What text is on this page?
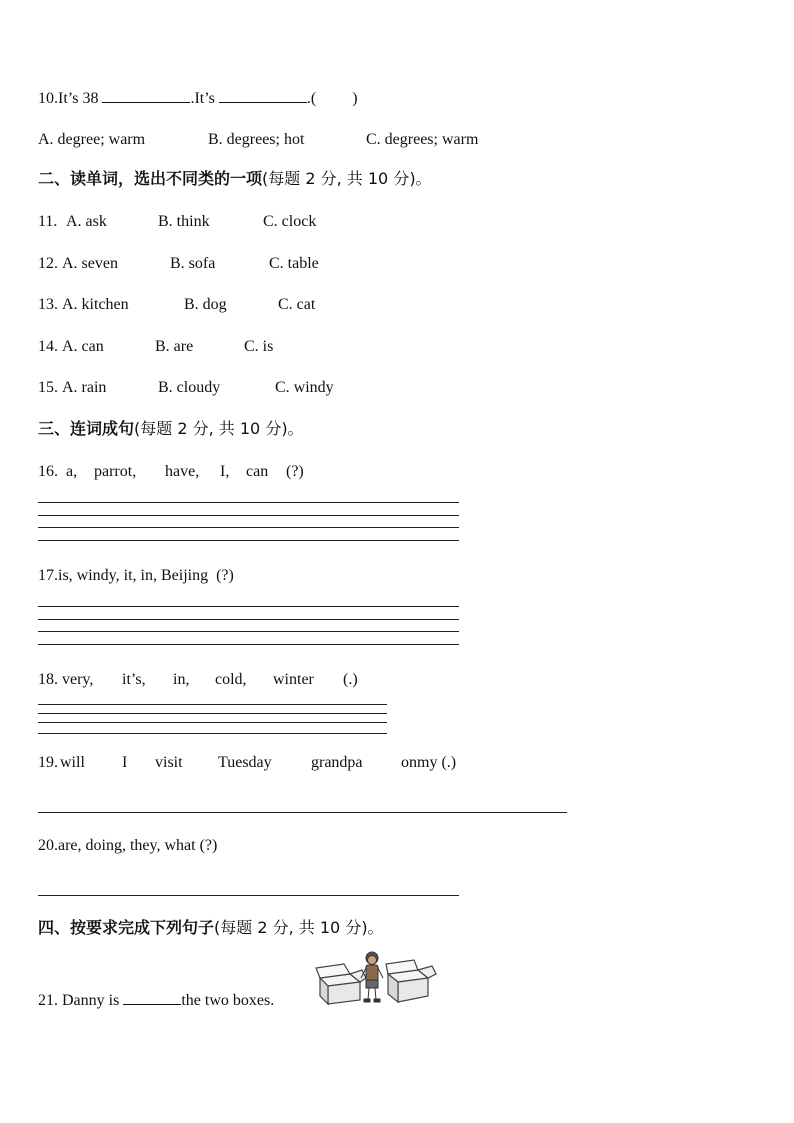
10.It’s 38	.It’s	.( )
A. degree; warm	B. degrees; hot	C. degrees; warm
二、读单词，选出不同类的一项(每题 2 分, 共 10 分)。
11. A. ask	B. think	C. clock
12. A. seven	B. sofa	C. table
13. A. kitchen	B. dog	C. cat
14. A. can	B. are	C. is
15. A. rain	B. cloudy	C. windy
三、连词成句(每题 2 分, 共 10 分)。
16. a, parrot, have, I, can (?)
17.is, windy, it, in, Beijing (?)
18. very, it’s, in, cold, winter (.)
19. will I visit Tuesday grandpa onmy (.)
20.are, doing, they, what (?)
四、按要求完成下列句子(每题 2 分, 共 10 分)。
21. Danny is	the two boxes.
